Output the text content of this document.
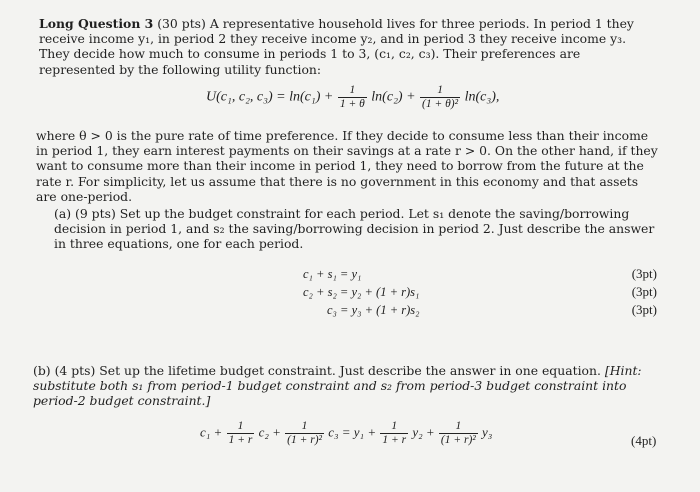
Long Question 3 (30 pts) A representative household lives for three periods. In period 1 they receive income y₁, in period 2 they receive income y₂, and in period 3 they receive income y₃. They decide how much to consume in periods 1 to 3, (c₁, c₂, c₃). Their preferences are represented by the following utility function:

U(c₁, c₂, $c_3) = \ln(c_1) + \frac{1}{1 + \theta} \ln(c_2) + \frac{1}{\text{(1 + θ)²}} \ln(c_3)$,

where θ > 0 is the pure rate of time preference. If they decide to consume less than their income in period 1, they earn interest payments on their savings at a rate r > 0. On the other hand, if they want to consume more than their income in period 1, they need to borrow from the future at the rate r. For simplicity, let us assume that there is no government in this economy and that assets are one-period.

(a) (9 pts) Set up the budget constraint for each period. Let s₁ denote the saving/borrowing decision in period 1, and s₂ the saving/borrowing decision in period 2. Just describe the answer in three equations, one for each period.

c₁ + s₁ = y₁
c₂ + s₂ = y₂ + (1 + r)s₁
c₃ = y₃ + (1 + r)s₂
(3pt)
(3pt)
(3pt)

(b) (4 pts) Set up the lifetime budget constraint. Just describe the answer in one equation. [Hint: substitute both s₁ from period-1 budget constraint and s₂ from period-3 budget constraint into period-2 budget constraint.]

$c_1 + \frac{1}{1 + r} c_2 + \frac{1}{\text{(1 + r)²}} c_3 = y_1 + \frac{1}{1 + r} y_2 + \frac{1}{\text{(1 + r)²}} y_3$
(4pt)
